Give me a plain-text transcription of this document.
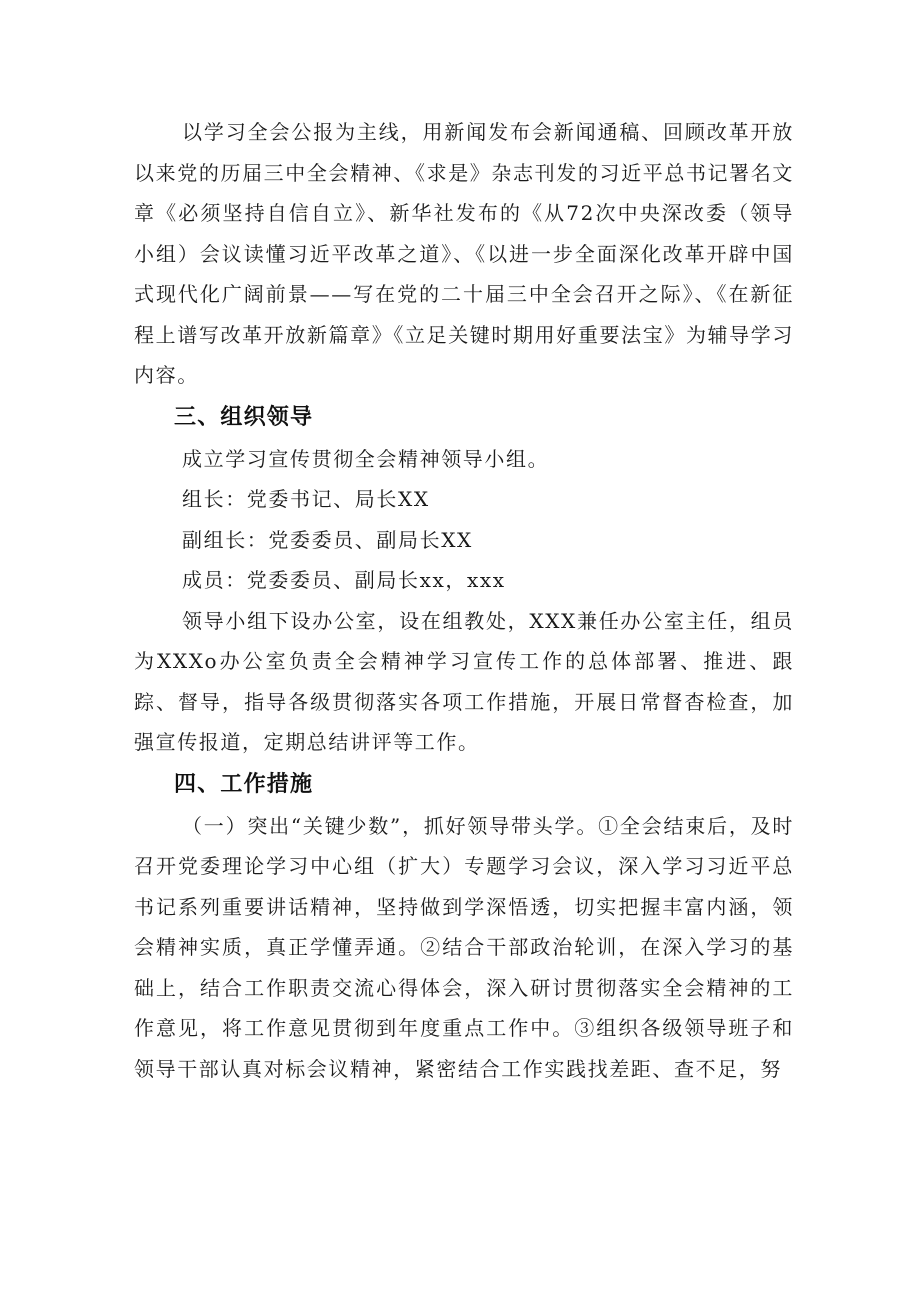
以学习全会公报为主线，用新闻发布会新闻通稿、回顾改革开放以来党的历届三中全会精神、《求是》杂志刊发的习近平总书记署名文章《必须坚持自信自立》、新华社发布的《从72次中央深改委（领导小组）会议读懂习近平改革之道》、《以进一步全面深化改革开辟中国式现代化广阔前景——写在党的二十届三中全会召开之际》、《在新征程上谱写改革开放新篇章》《立足关键时期用好重要法宝》为辅导学习内容。

三、组织领导

成立学习宣传贯彻全会精神领导小组。

组长：党委书记、局长XX

副组长：党委委员、副局长XX

成员：党委委员、副局长xx，xxx

领导小组下设办公室，设在组教处，XXX兼任办公室主任，组员为XXXo办公室负责全会精神学习宣传工作的总体部署、推进、跟踪、督导，指导各级贯彻落实各项工作措施，开展日常督杳检查，加强宣传报道，定期总结讲评等工作。

四、工作措施

（一）突出“关键少数”，抓好领导带头学。①全会结束后，及时召开党委理论学习中心组（扩大）专题学习会议，深入学习习近平总书记系列重要讲话精神，坚持做到学深悟透，切实把握丰富内涵，领会精神实质，真正学懂弄通。②结合干部政治轮训，在深入学习的基础上，结合工作职责交流心得体会，深入研讨贯彻落实全会精神的工作意见，将工作意见贯彻到年度重点工作中。③组织各级领导班子和领导干部认真对标会议精神，紧密结合工作实践找差距、查不足，努
